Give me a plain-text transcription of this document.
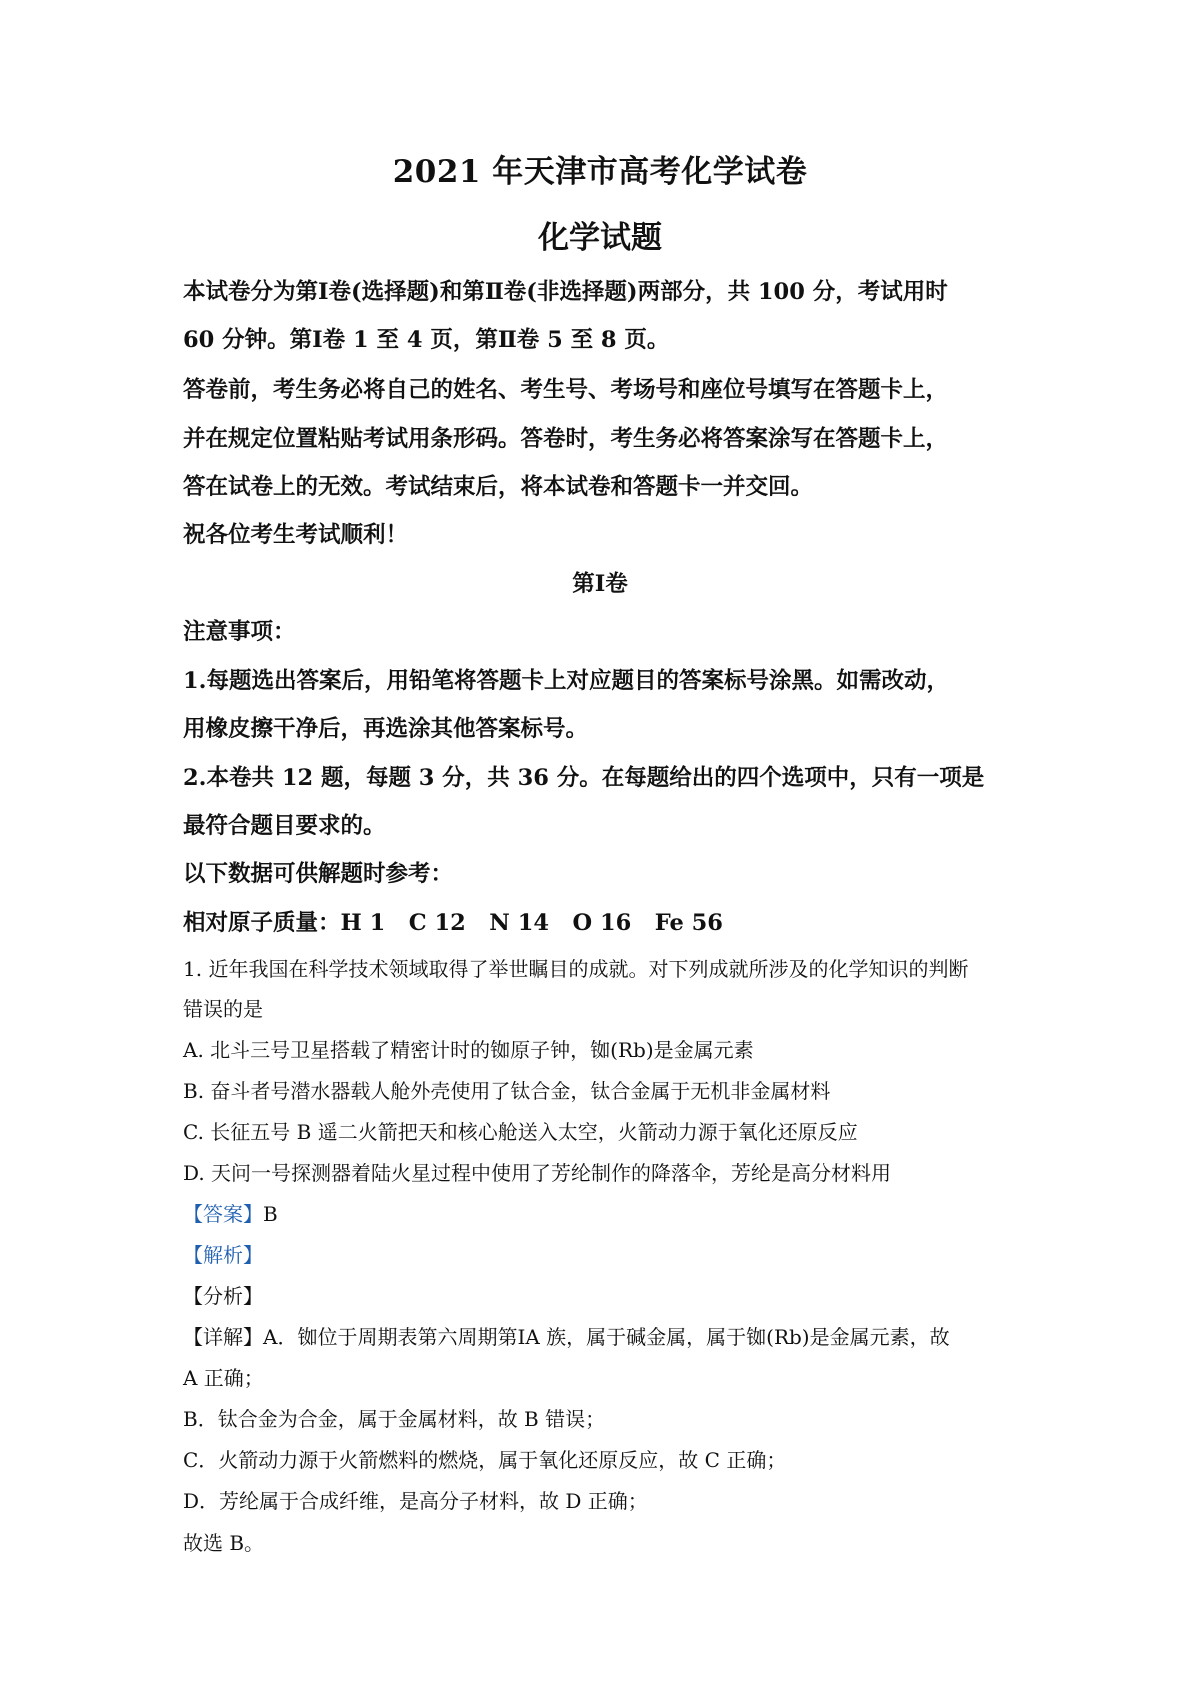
2021 年天津市高考化学试卷
化学试题
本试卷分为第Ⅰ卷(选择题)和第Ⅱ卷(非选择题)两部分，共 100 分，考试用时
60 分钟。第Ⅰ卷 1 至 4 页，第Ⅱ卷 5 至 8 页。
答卷前，考生务必将自己的姓名、考生号、考场号和座位号填写在答题卡上，
并在规定位置粘贴考试用条形码。答卷时，考生务必将答案涂写在答题卡上，
答在试卷上的无效。考试结束后，将本试卷和答题卡一并交回。
祝各位考生考试顺利！
第Ⅰ卷
注意事项：
1.每题选出答案后，用铅笔将答题卡上对应题目的答案标号涂黑。如需改动，
用橡皮擦干净后，再选涂其他答案标号。
2.本卷共 12 题，每题 3 分，共 36 分。在每题给出的四个选项中，只有一项是
最符合题目要求的。
以下数据可供解题时参考：
相对原子质量：H 1   C 12   N 14   O 16   Fe 56
1. 近年我国在科学技术领域取得了举世瞩目的成就。对下列成就所涉及的化学知识的判断
错误的是
A. 北斗三号卫星搭载了精密计时的铷原子钟，铷(Rb)是金属元素
B. 奋斗者号潜水器载人舱外壳使用了钛合金，钛合金属于无机非金属材料
C. 长征五号 B 遥二火箭把天和核心舱送入太空，火箭动力源于氧化还原反应
D. 天问一号探测器着陆火星过程中使用了芳纶制作的降落伞，芳纶是高分材料用
【答案】B
【解析】
【分析】
【详解】A．铷位于周期表第六周期第ⅠA 族，属于碱金属，属于铷(Rb)是金属元素，故
A 正确；
B．钛合金为合金，属于金属材料，故 B 错误；
C．火箭动力源于火箭燃料的燃烧，属于氧化还原反应，故 C 正确；
D．芳纶属于合成纤维，是高分子材料，故 D 正确；
故选 B。
